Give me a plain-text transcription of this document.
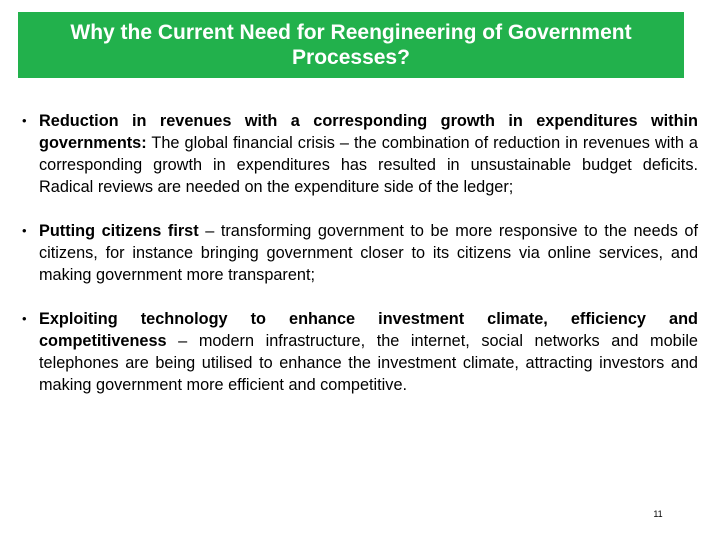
Why the Current Need for Reengineering of Government
Processes?
• Reduction in revenues with a corresponding growth in expenditures within governments: The global financial crisis – the combination of reduction in revenues with a corresponding growth in expenditures has resulted in unsustainable budget deficits. Radical reviews are needed on the expenditure side of the ledger;
• Putting citizens first – transforming government to be more responsive to the needs of citizens, for instance bringing government closer to its citizens via online services, and making government more transparent;
• Exploiting technology to enhance investment climate, efficiency and competitiveness – modern infrastructure, the internet, social networks and mobile telephones are being utilised to enhance the investment climate, attracting investors and making government more efficient and competitive.
11
